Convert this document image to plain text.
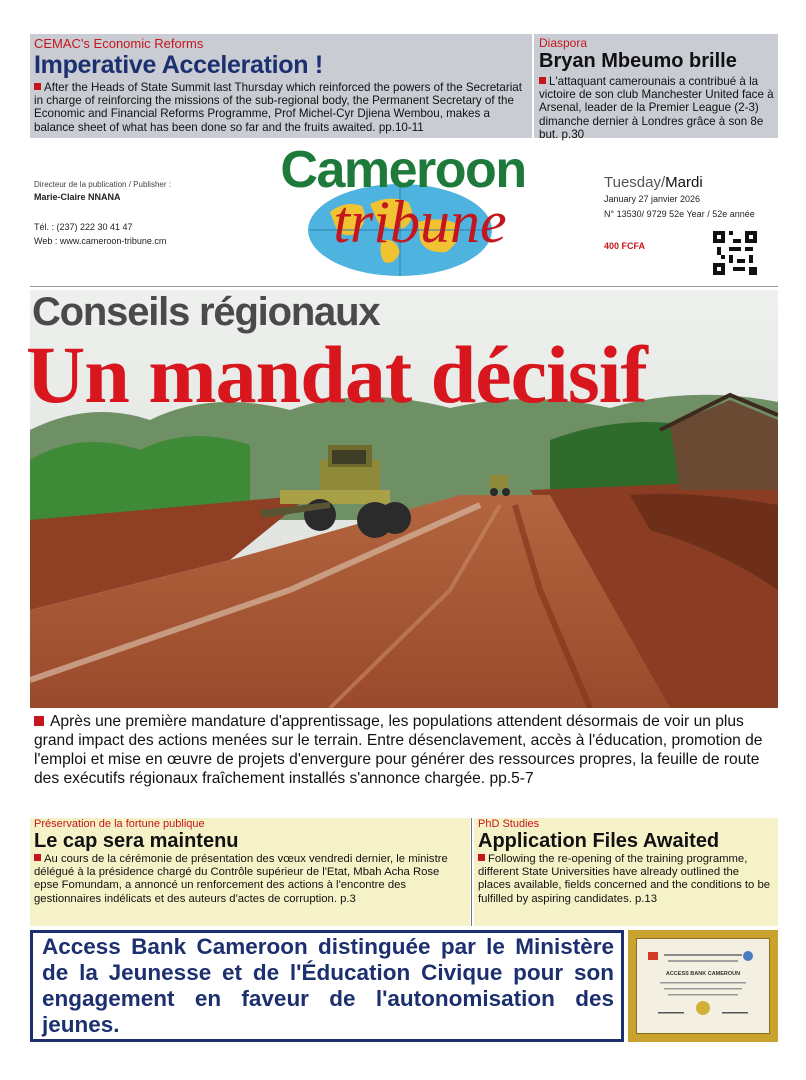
CEMAC's Economic Reforms
Imperative Acceleration !
After the Heads of State Summit last Thursday which reinforced the powers of the Secretariat in charge of reinforcing the missions of the sub-regional body, the Permanent Secretary of the Economic and Financial Reforms Programme, Prof Michel-Cyr Djiena Wembou, makes a balance sheet of what has been done so far and the fruits awaited. pp.10-11
Diaspora
Bryan Mbeumo brille
L'attaquant camerounais a contribué à la victoire de son club Manchester United face à Arsenal, leader de la Premier League (2-3) dimanche dernier à Londres grâce à son 8e but. p.30
Directeur de la publication / Publisher :
Marie-Claire NNANA
Tél. : (237) 222 30 41 47
Web : www.cameroon-tribune.cm
Cameroon
tribune
Tuesday/Mardi
January 27 janvier 2026
N° 13530/ 9729 52e Year / 52e année
400 FCFA
Conseils régionaux
Un mandat décisif
Après une première mandature d'apprentissage, les populations attendent désormais de voir un plus grand impact des actions menées sur le terrain. Entre désenclavement, accès à l'éducation, promotion de l'emploi et mise en œuvre de projets d'envergure pour générer des ressources propres, la feuille de route des exécutifs régionaux fraîchement installés s'annonce chargée. pp.5-7
Préservation de la fortune publique
Le cap sera maintenu
Au cours de la cérémonie de présentation des vœux vendredi dernier, le ministre délégué à la présidence chargé du Contrôle supérieur de l'Etat, Mbah Acha Rose epse Fomundam, a annoncé un renforcement des actions à l'encontre des gestionnaires indélicats et des auteurs d'actes de corruption. p.3
PhD Studies
Application Files Awaited
Following the re-opening of the training programme, different State Universities have already outlined the places available, fields concerned and the conditions to be fulfilled by aspiring candidates. p.13
Access Bank Cameroon distinguée par le Ministère de la Jeunesse et de l'Éducation Civique pour son engagement en faveur de l'autonomisation des jeunes.
ACCESS BANK CAMEROUN
